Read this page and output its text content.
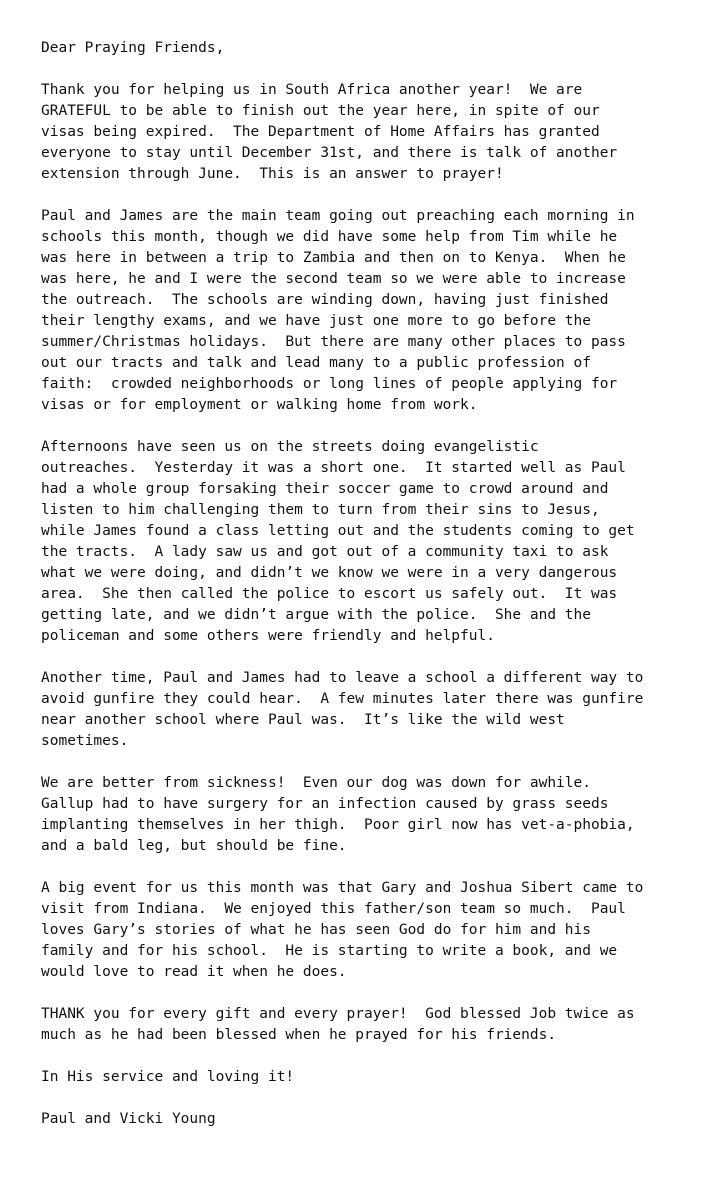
Dear Praying Friends,
Thank you for helping us in South Africa another year!  We are
GRATEFUL to be able to finish out the year here, in spite of our
visas being expired.  The Department of Home Affairs has granted
everyone to stay until December 31st, and there is talk of another
extension through June.  This is an answer to prayer!
Paul and James are the main team going out preaching each morning in
schools this month, though we did have some help from Tim while he
was here in between a trip to Zambia and then on to Kenya.  When he
was here, he and I were the second team so we were able to increase
the outreach.  The schools are winding down, having just finished
their lengthy exams, and we have just one more to go before the
summer/Christmas holidays.  But there are many other places to pass
out our tracts and talk and lead many to a public profession of
faith:  crowded neighborhoods or long lines of people applying for
visas or for employment or walking home from work.
Afternoons have seen us on the streets doing evangelistic
outreaches.  Yesterday it was a short one.  It started well as Paul
had a whole group forsaking their soccer game to crowd around and
listen to him challenging them to turn from their sins to Jesus,
while James found a class letting out and the students coming to get
the tracts.  A lady saw us and got out of a community taxi to ask
what we were doing, and didn’t we know we were in a very dangerous
area.  She then called the police to escort us safely out.  It was
getting late, and we didn’t argue with the police.  She and the
policeman and some others were friendly and helpful.
Another time, Paul and James had to leave a school a different way to
avoid gunfire they could hear.  A few minutes later there was gunfire
near another school where Paul was.  It’s like the wild west
sometimes.
We are better from sickness!  Even our dog was down for awhile.
Gallup had to have surgery for an infection caused by grass seeds
implanting themselves in her thigh.  Poor girl now has vet-a-phobia,
and a bald leg, but should be fine.
A big event for us this month was that Gary and Joshua Sibert came to
visit from Indiana.  We enjoyed this father/son team so much.  Paul
loves Gary’s stories of what he has seen God do for him and his
family and for his school.  He is starting to write a book, and we
would love to read it when he does.
THANK you for every gift and every prayer!  God blessed Job twice as
much as he had been blessed when he prayed for his friends.
In His service and loving it!
Paul and Vicki Young
